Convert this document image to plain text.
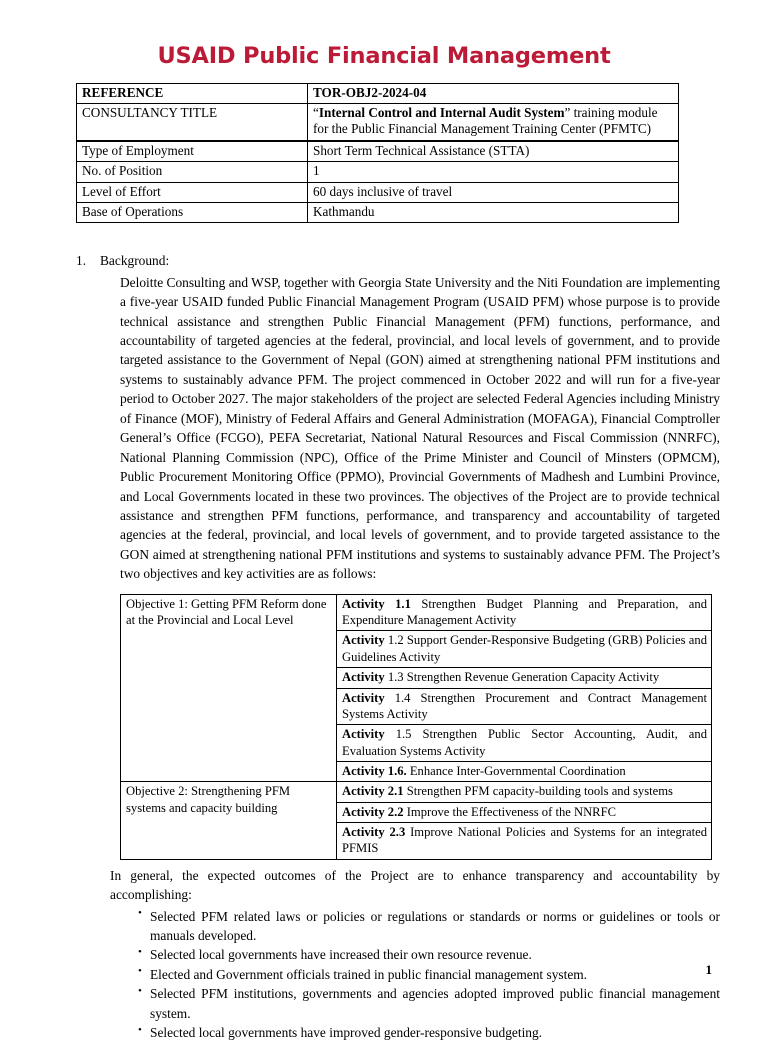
USAID Public Financial Management
REFERENCE	TOR-OBJ2-2024-04
CONSULTANCY TITLE	“Internal Control and Internal Audit System” training module for the Public Financial Management Training Center (PFMTC)
Type of Employment	Short Term Technical Assistance (STTA)
No. of Position	1
Level of Effort	60 days inclusive of travel
Base of Operations	Kathmandu
1. Background:

Deloitte Consulting and WSP, together with Georgia State University and the Niti Foundation are implementing a five-year USAID funded Public Financial Management Program (USAID PFM) whose purpose is to provide technical assistance and strengthen Public Financial Management (PFM) functions, performance, and accountability of targeted agencies at the federal, provincial, and local levels of government, and to provide targeted assistance to the Government of Nepal (GON) aimed at strengthening national PFM institutions and systems to sustainably advance PFM. The project commenced in October 2022 and will run for a five-year period to October 2027. The major stakeholders of the project are selected Federal Agencies including Ministry of Finance (MOF), Ministry of Federal Affairs and General Administration (MOFAGA), Financial Comptroller General’s Office (FCGO), PEFA Secretariat, National Natural Resources and Fiscal Commission (NNRFC), National Planning Commission (NPC), Office of the Prime Minister and Council of Minsters (OPMCM), Public Procurement Monitoring Office (PPMO), Provincial Governments of Madhesh and Lumbini Province, and Local Governments located in these two provinces. The objectives of the Project are to provide technical assistance and strengthen PFM functions, performance, and transparency and accountability of targeted agencies at the federal, provincial, and local levels of government, and to provide targeted assistance to the GON aimed at strengthening national PFM institutions and systems to sustainably advance PFM. The Project’s two objectives and key activities are as follows:

Objective 1: Getting PFM Reform done at the Provincial and Local Level	Activity 1.1 Strengthen Budget Planning and Preparation, and Expenditure Management Activity
	Activity 1.2 Support Gender-Responsive Budgeting (GRB) Policies and Guidelines Activity
	Activity 1.3 Strengthen Revenue Generation Capacity Activity
	Activity 1.4 Strengthen Procurement and Contract Management Systems Activity
	Activity 1.5 Strengthen Public Sector Accounting, Audit, and Evaluation Systems Activity
	Activity 1.6. Enhance Inter-Governmental Coordination
Objective 2: Strengthening PFM systems and capacity building	Activity 2.1 Strengthen PFM capacity-building tools and systems
	Activity 2.2 Improve the Effectiveness of the NNRFC
	Activity 2.3 Improve National Policies and Systems for an integrated PFMIS

In general, the expected outcomes of the Project are to enhance transparency and accountability by accomplishing:

• Selected PFM related laws or policies or regulations or standards or norms or guidelines or tools or manuals developed.
• Selected local governments have increased their own resource revenue.
• Elected and Government officials trained in public financial management system.
• Selected PFM institutions, governments and agencies adopted improved public financial management system.
• Selected local governments have improved gender-responsive budgeting.
1
